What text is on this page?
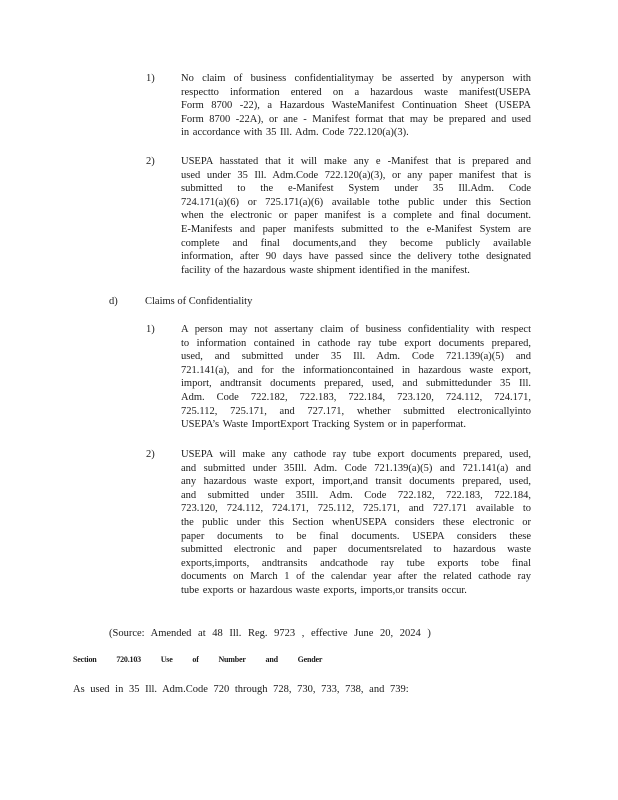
1)	No claim of business confidentialitymay be asserted by anyperson with
respectto information entered on a hazardous waste manifest(USEPA
Form 8700 -22), a Hazardous WasteManifest Continuation Sheet (USEPA
Form 8700 -22A), or ane - Manifest format that may be prepared and used
in accordance with 35 Ill. Adm. Code 722.120(a)(3).
2)	USEPA hasstated that it will make any e -Manifest that is prepared and
used under 35 Ill. Adm.Code 722.120(a)(3), or any paper manifest that is
submitted to the e-Manifest System under 35 Ill.Adm. Code
724.171(a)(6) or 725.171(a)(6) available tothe public under this Section
when the electronic or paper manifest is a complete and final document.
E-Manifests and paper manifests submitted to the e-Manifest System are
complete and final documents,and they become publicly available
information, after 90 days have passed since the delivery tothe designated
facility of the hazardous waste shipment identified in the manifest.
d)	Claims of Confidentiality
1)	A person may not assertany claim of business confidentiality with respect
to information contained in cathode ray tube export documents prepared,
used, and submitted under 35 Ill. Adm. Code 721.139(a)(5) and
721.141(a), and for the informationcontained in hazardous waste export,
import, andtransit documents prepared, used, and submittedunder 35 Ill.
Adm. Code 722.182, 722.183, 722.184, 723.120, 724.112, 724.171,
725.112, 725.171, and 727.171, whether submitted electronicallyinto
USEPA’s Waste ImportExport Tracking System or in paperformat.
2)	USEPA will make any cathode ray tube export documents prepared, used,
and submitted under 35Ill. Adm. Code 721.139(a)(5) and 721.141(a) and
any hazardous waste export, import,and transit documents prepared, used,
and submitted under 35Ill. Adm. Code 722.182, 722.183, 722.184,
723.120, 724.112, 724.171, 725.112, 725.171, and 727.171 available to
the public under this Section whenUSEPA considers these electronic or
paper documents to be final documents. USEPA considers these
submitted electronic and paper documentsrelated to hazardous waste
exports,imports, andtransits andcathode ray tube exports tobe final
documents on March 1 of the calendar year after the related cathode ray
tube exports or hazardous waste exports, imports,or transits occur.
(Source: Amended at 48 Ill. Reg. 9723 , effective June 20, 2024 )
Section 720.103 Use of Number and Gender
As used in 35 Ill. Adm.Code 720 through 728, 730, 733, 738, and 739:
